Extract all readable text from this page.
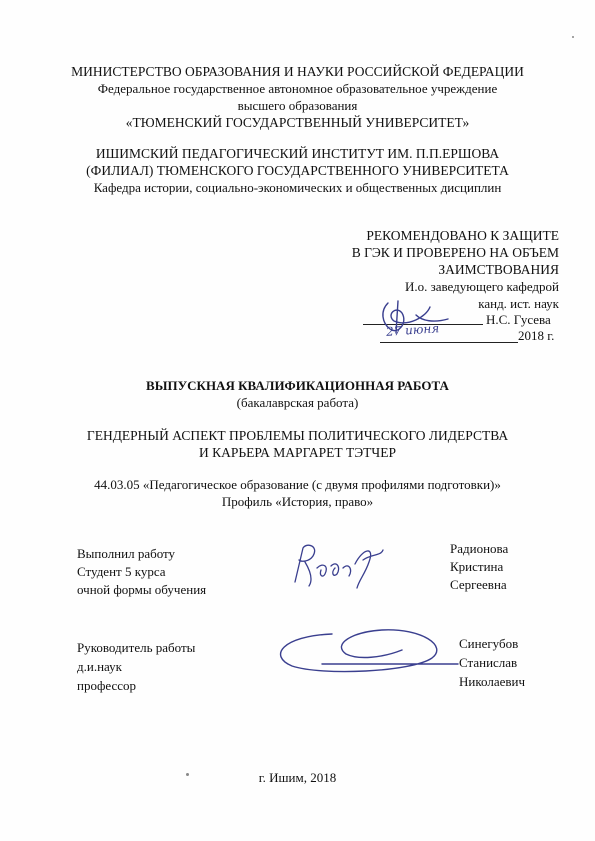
МИНИСТЕРСТВО ОБРАЗОВАНИЯ И НАУКИ РОССИЙСКОЙ ФЕДЕРАЦИИ
Федеральное государственное автономное образовательное учреждение
высшего образования
«ТЮМЕНСКИЙ ГОСУДАРСТВЕННЫЙ УНИВЕРСИТЕТ»
ИШИМСКИЙ ПЕДАГОГИЧЕСКИЙ ИНСТИТУТ ИМ. П.П.ЕРШОВА
(ФИЛИАЛ) ТЮМЕНСКОГО ГОСУДАРСТВЕННОГО УНИВЕРСИТЕТА
Кафедра истории, социально-экономических и общественных дисциплин
РЕКОМЕНДОВАНО К ЗАЩИТЕ
В ГЭК И ПРОВЕРЕНО НА ОБЪЕМ
ЗАИМСТВОВАНИЯ
И.о. заведующего кафедрой
канд. ист. наук
Н.С. Гусева
27 июня	2018 г.
ВЫПУСКНАЯ КВАЛИФИКАЦИОННАЯ РАБОТА
(бакалаврская работа)
ГЕНДЕРНЫЙ АСПЕКТ ПРОБЛЕМЫ ПОЛИТИЧЕСКОГО ЛИДЕРСТВА
И КАРЬЕРА МАРГАРЕТ ТЭТЧЕР
44.03.05 «Педагогическое образование (с двумя профилями подготовки)»
Профиль «История, право»
Выполнил работу
Студент 5 курса
очной формы обучения
Радионова
Кристина
Сергеевна
Руководитель работы
д.и.наук
профессор
Синегубов
Станислав
Николаевич
г. Ишим, 2018
